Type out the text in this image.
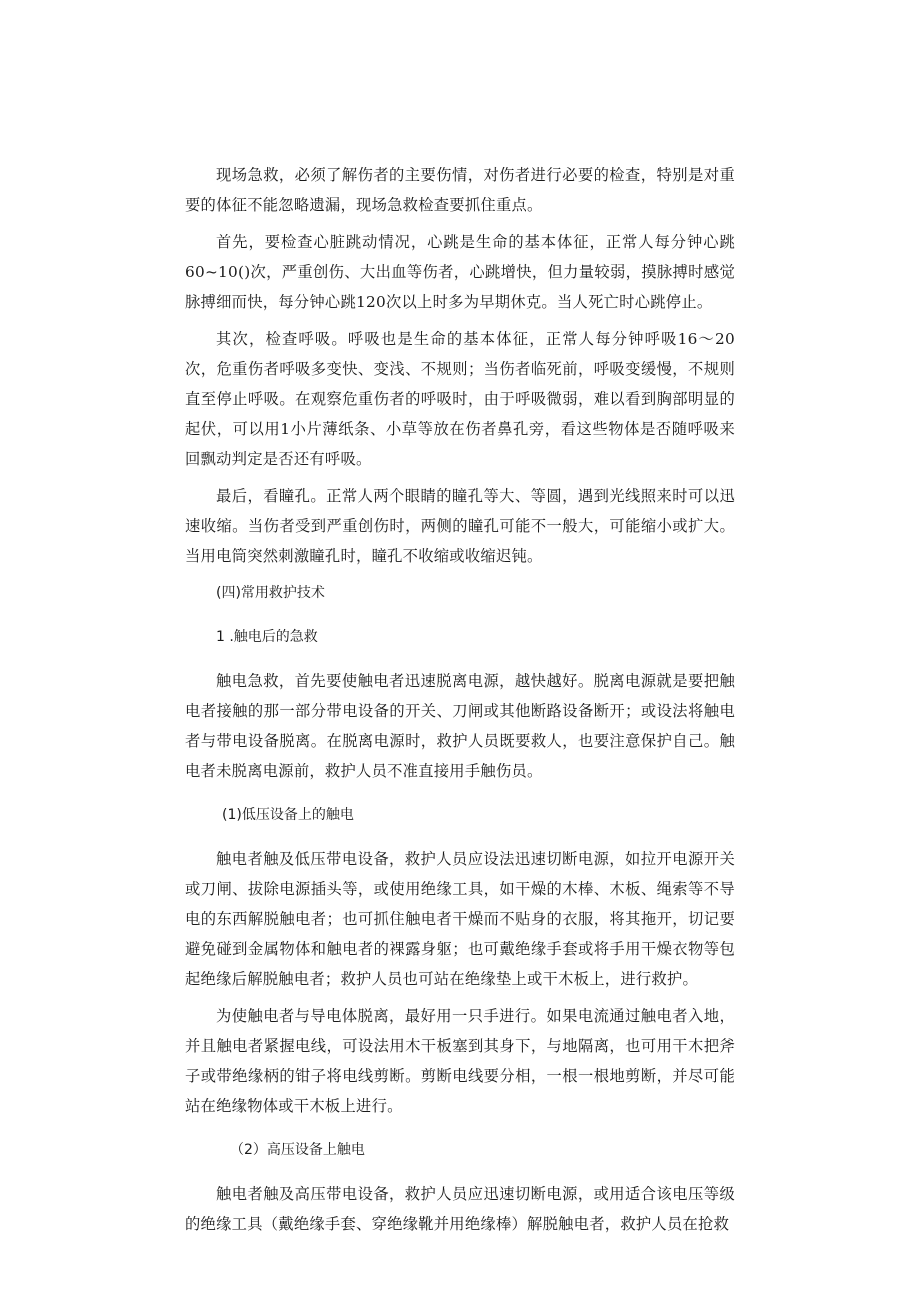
现场急救，必须了解伤者的主要伤情，对伤者进行必要的检查，特别是对重要的体征不能忽略遗漏，现场急救检查要抓住重点。

首先，要检查心脏跳动情况，心跳是生命的基本体征，正常人每分钟心跳60~10()次，严重创伤、大出血等伤者，心跳增快，但力量较弱，摸脉搏时感觉脉搏细而快，每分钟心跳120次以上时多为早期休克。当人死亡时心跳停止。

其次，检查呼吸。呼吸也是生命的基本体征，正常人每分钟呼吸16～20次，危重伤者呼吸多变快、变浅、不规则；当伤者临死前，呼吸变缓慢，不规则直至停止呼吸。在观察危重伤者的呼吸时，由于呼吸微弱，难以看到胸部明显的起伏，可以用1小片薄纸条、小草等放在伤者鼻孔旁，看这些物体是否随呼吸来回飘动判定是否还有呼吸。

最后，看瞳孔。正常人两个眼睛的瞳孔等大、等圆，遇到光线照来时可以迅速收缩。当伤者受到严重创伤时，两侧的瞳孔可能不一般大，可能缩小或扩大。当用电筒突然刺激瞳孔时，瞳孔不收缩或收缩迟钝。

(四)常用救护技术
1 .触电后的急救

触电急救，首先要使触电者迅速脱离电源，越快越好。脱离电源就是要把触电者接触的那一部分带电设备的开关、刀闸或其他断路设备断开；或设法将触电者与带电设备脱离。在脱离电源时，救护人员既要救人，也要注意保护自己。触电者未脱离电源前，救护人员不准直接用手触伤员。

(1)低压设备上的触电

触电者触及低压带电设备，救护人员应设法迅速切断电源，如拉开电源开关或刀闸、拔除电源插头等，或使用绝缘工具，如干燥的木棒、木板、绳索等不导电的东西解脱触电者；也可抓住触电者干燥而不贴身的衣服，将其拖开，切记要避免碰到金属物体和触电者的裸露身躯；也可戴绝缘手套或将手用干燥衣物等包起绝缘后解脱触电者；救护人员也可站在绝缘垫上或干木板上，进行救护。

为使触电者与导电体脱离，最好用一只手进行。如果电流通过触电者入地，并且触电者紧握电线，可设法用木干板塞到其身下，与地隔离，也可用干木把斧子或带绝缘柄的钳子将电线剪断。剪断电线要分相，一根一根地剪断，并尽可能站在绝缘物体或干木板上进行。

（2）高压设备上触电

触电者触及高压带电设备，救护人员应迅速切断电源，或用适合该电压等级的绝缘工具（戴绝缘手套、穿绝缘靴并用绝缘棒）解脱触电者，救护人员在抢救
